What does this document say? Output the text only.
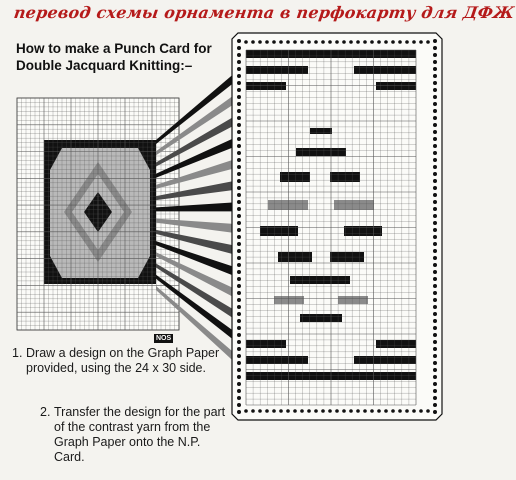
перевод схемы орнамента в перфокарту для ДФЖ
How to make a Punch Card for
Double Jacquard Knitting:–
NOS
1. Draw a design on the Graph Paper provided, using the 24 x 30 side.
2. Transfer the design for the part of the contrast yarn from the Graph Paper onto the N.P. Card.
